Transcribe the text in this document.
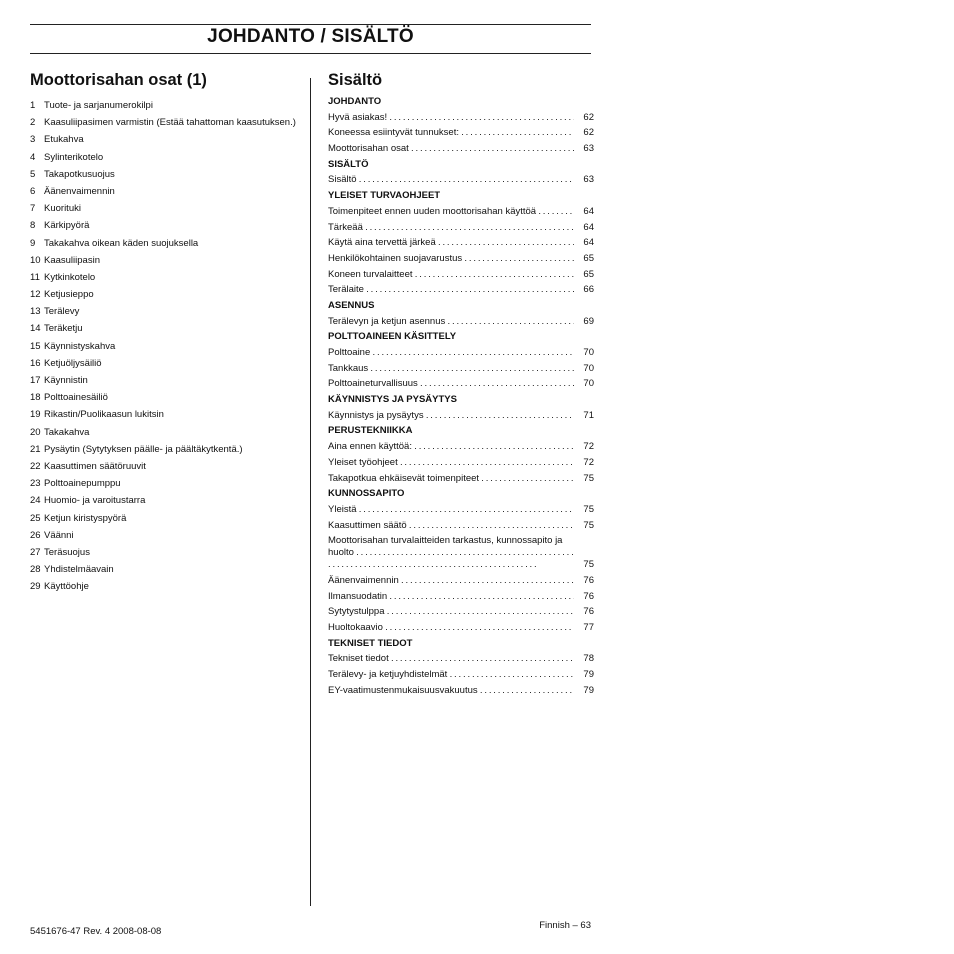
JOHDANTO / SISÄLTÖ
Moottorisahan osat (1)
1 Tuote- ja sarjanumerokilpi
2 Kaasuliipasimen varmistin (Estää tahattoman kaasutuksen.)
3 Etukahva
4 Sylinterikotelo
5 Takapotkusuojus
6 Äänenvaimennin
7 Kuorituki
8 Kärkipyörä
9 Takakahva oikean käden suojuksella
10 Kaasuliipasin
11 Kytkinkotelo
12 Ketjusieppo
13 Terälevy
14 Teräketju
15 Käynnistyskahva
16 Ketjuöljysäiliö
17 Käynnistin
18 Polttoainesäiliö
19 Rikastin/Puolikaasun lukitsin
20 Takakahva
21 Pysäytin (Sytytyksen päälle- ja päältäkytkentä.)
22 Kaasuttimen säätöruuvit
23 Polttoainepumppu
24 Huomio- ja varoitustarra
25 Ketjun kiristyspyörä
26 Väänni
27 Teräsuojus
28 Yhdistelmäavain
29 Käyttöohje
Sisältö
JOHDANTO
Hyvä asiakas! . . .	62
Koneessa esiintyvät tunnukset: . . .	62
Moottorisahan osat . . .	63
SISÄLTÖ
Sisältö . . .	63
YLEISET TURVAOHJEET
Toimenpiteet ennen uuden moottorisahan käyttöä . . .	64
Tärkeää . . .	64
Käytä aina tervettä järkeä . . .	64
Henkilökohtainen suojavarustus . . .	65
Koneen turvalaitteet . . .	65
Terälaite . . .	66
ASENNUS
Terälevyn ja ketjun asennus . . .	69
POLTTOAINEEN KÄSITTELY
Polttoaine . . .	70
Tankkaus . . .	70
Polttoaineturvallisuus . . .	70
KÄYNNISTYS JA PYSÄYTYS
Käynnistys ja pysäytys . . .	71
PERUSTEKNIIKKA
Aina ennen käyttöä: . . .	72
Yleiset työohjeet . . .	72
Takapotkua ehkäisevät toimenpiteet . . .	75
KUNNOSSAPITO
Yleistä . . .	75
Kaasuttimen säätö . . .	75
Moottorisahan turvalaitteiden tarkastus, kunnossapito ja huolto . . .
75
Äänenvaimennin . . .	76
Ilmansuodatin . . .	76
Sytytystulppa . . .	76
Huoltokaavio . . .	77
TEKNISET TIEDOT
Tekniset tiedot . . .	78
Terälevy- ja ketjuyhdistelmät . . .	79
EY-vaatimustenmukaisuusvakuutus . . .	79
5451676-47 Rev. 4 2008-08-08
Finnish – 63
